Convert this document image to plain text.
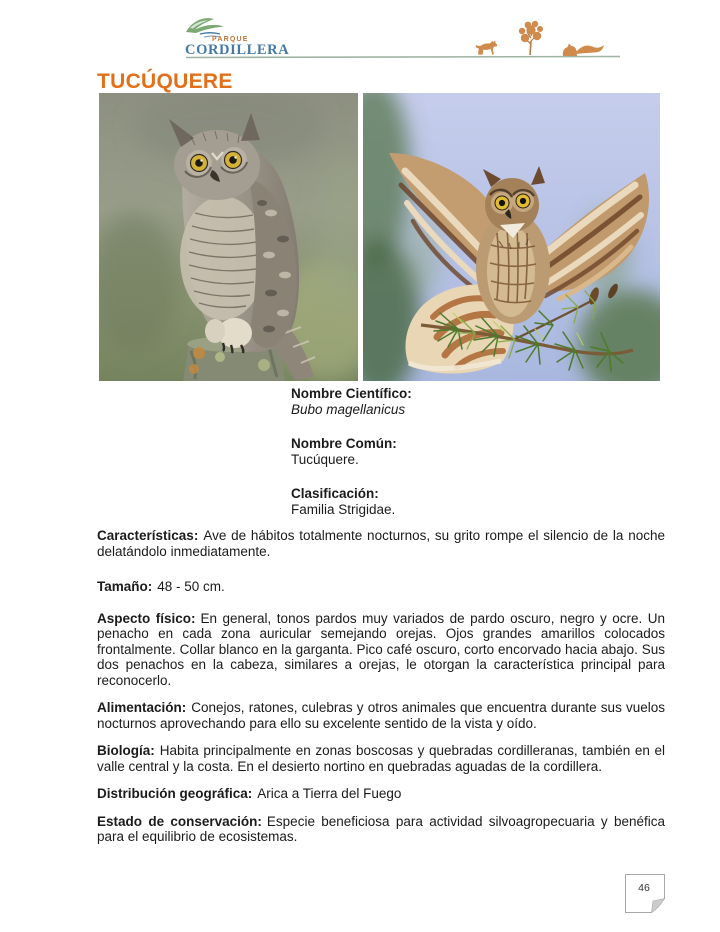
PARQUE
CORDILLERA
TUCÚQUERE
Nombre Científico:
Bubo magellanicus
Nombre Común:
Tucúquere.
Clasificación:
Familia Strigidae.

Características: Ave de hábitos totalmente nocturnos, su grito rompe el silencio de la noche delatándolo inmediatamente.

Tamaño: 48 - 50 cm.

Aspecto físico: En general, tonos pardos muy variados de pardo oscuro, negro y ocre. Un penacho en cada zona auricular semejando orejas. Ojos grandes amarillos colocados frontalmente. Collar blanco en la garganta. Pico café oscuro, corto encorvado hacia abajo. Sus dos penachos en la cabeza, similares a orejas, le otorgan la característica principal para reconocerlo.

Alimentación: Conejos, ratones, culebras y otros animales que encuentra durante sus vuelos nocturnos aprovechando para ello su excelente sentido de la vista y oído.

Biología: Habita principalmente en zonas boscosas y quebradas cordilleranas, también en el valle central y la costa. En el desierto nortino en quebradas aguadas de la cordillera.

Distribución geográfica: Arica a Tierra del Fuego

Estado de conservación: Especie beneficiosa para actividad silvoagropecuaria y benéfica para el equilibrio de ecosistemas.

46
